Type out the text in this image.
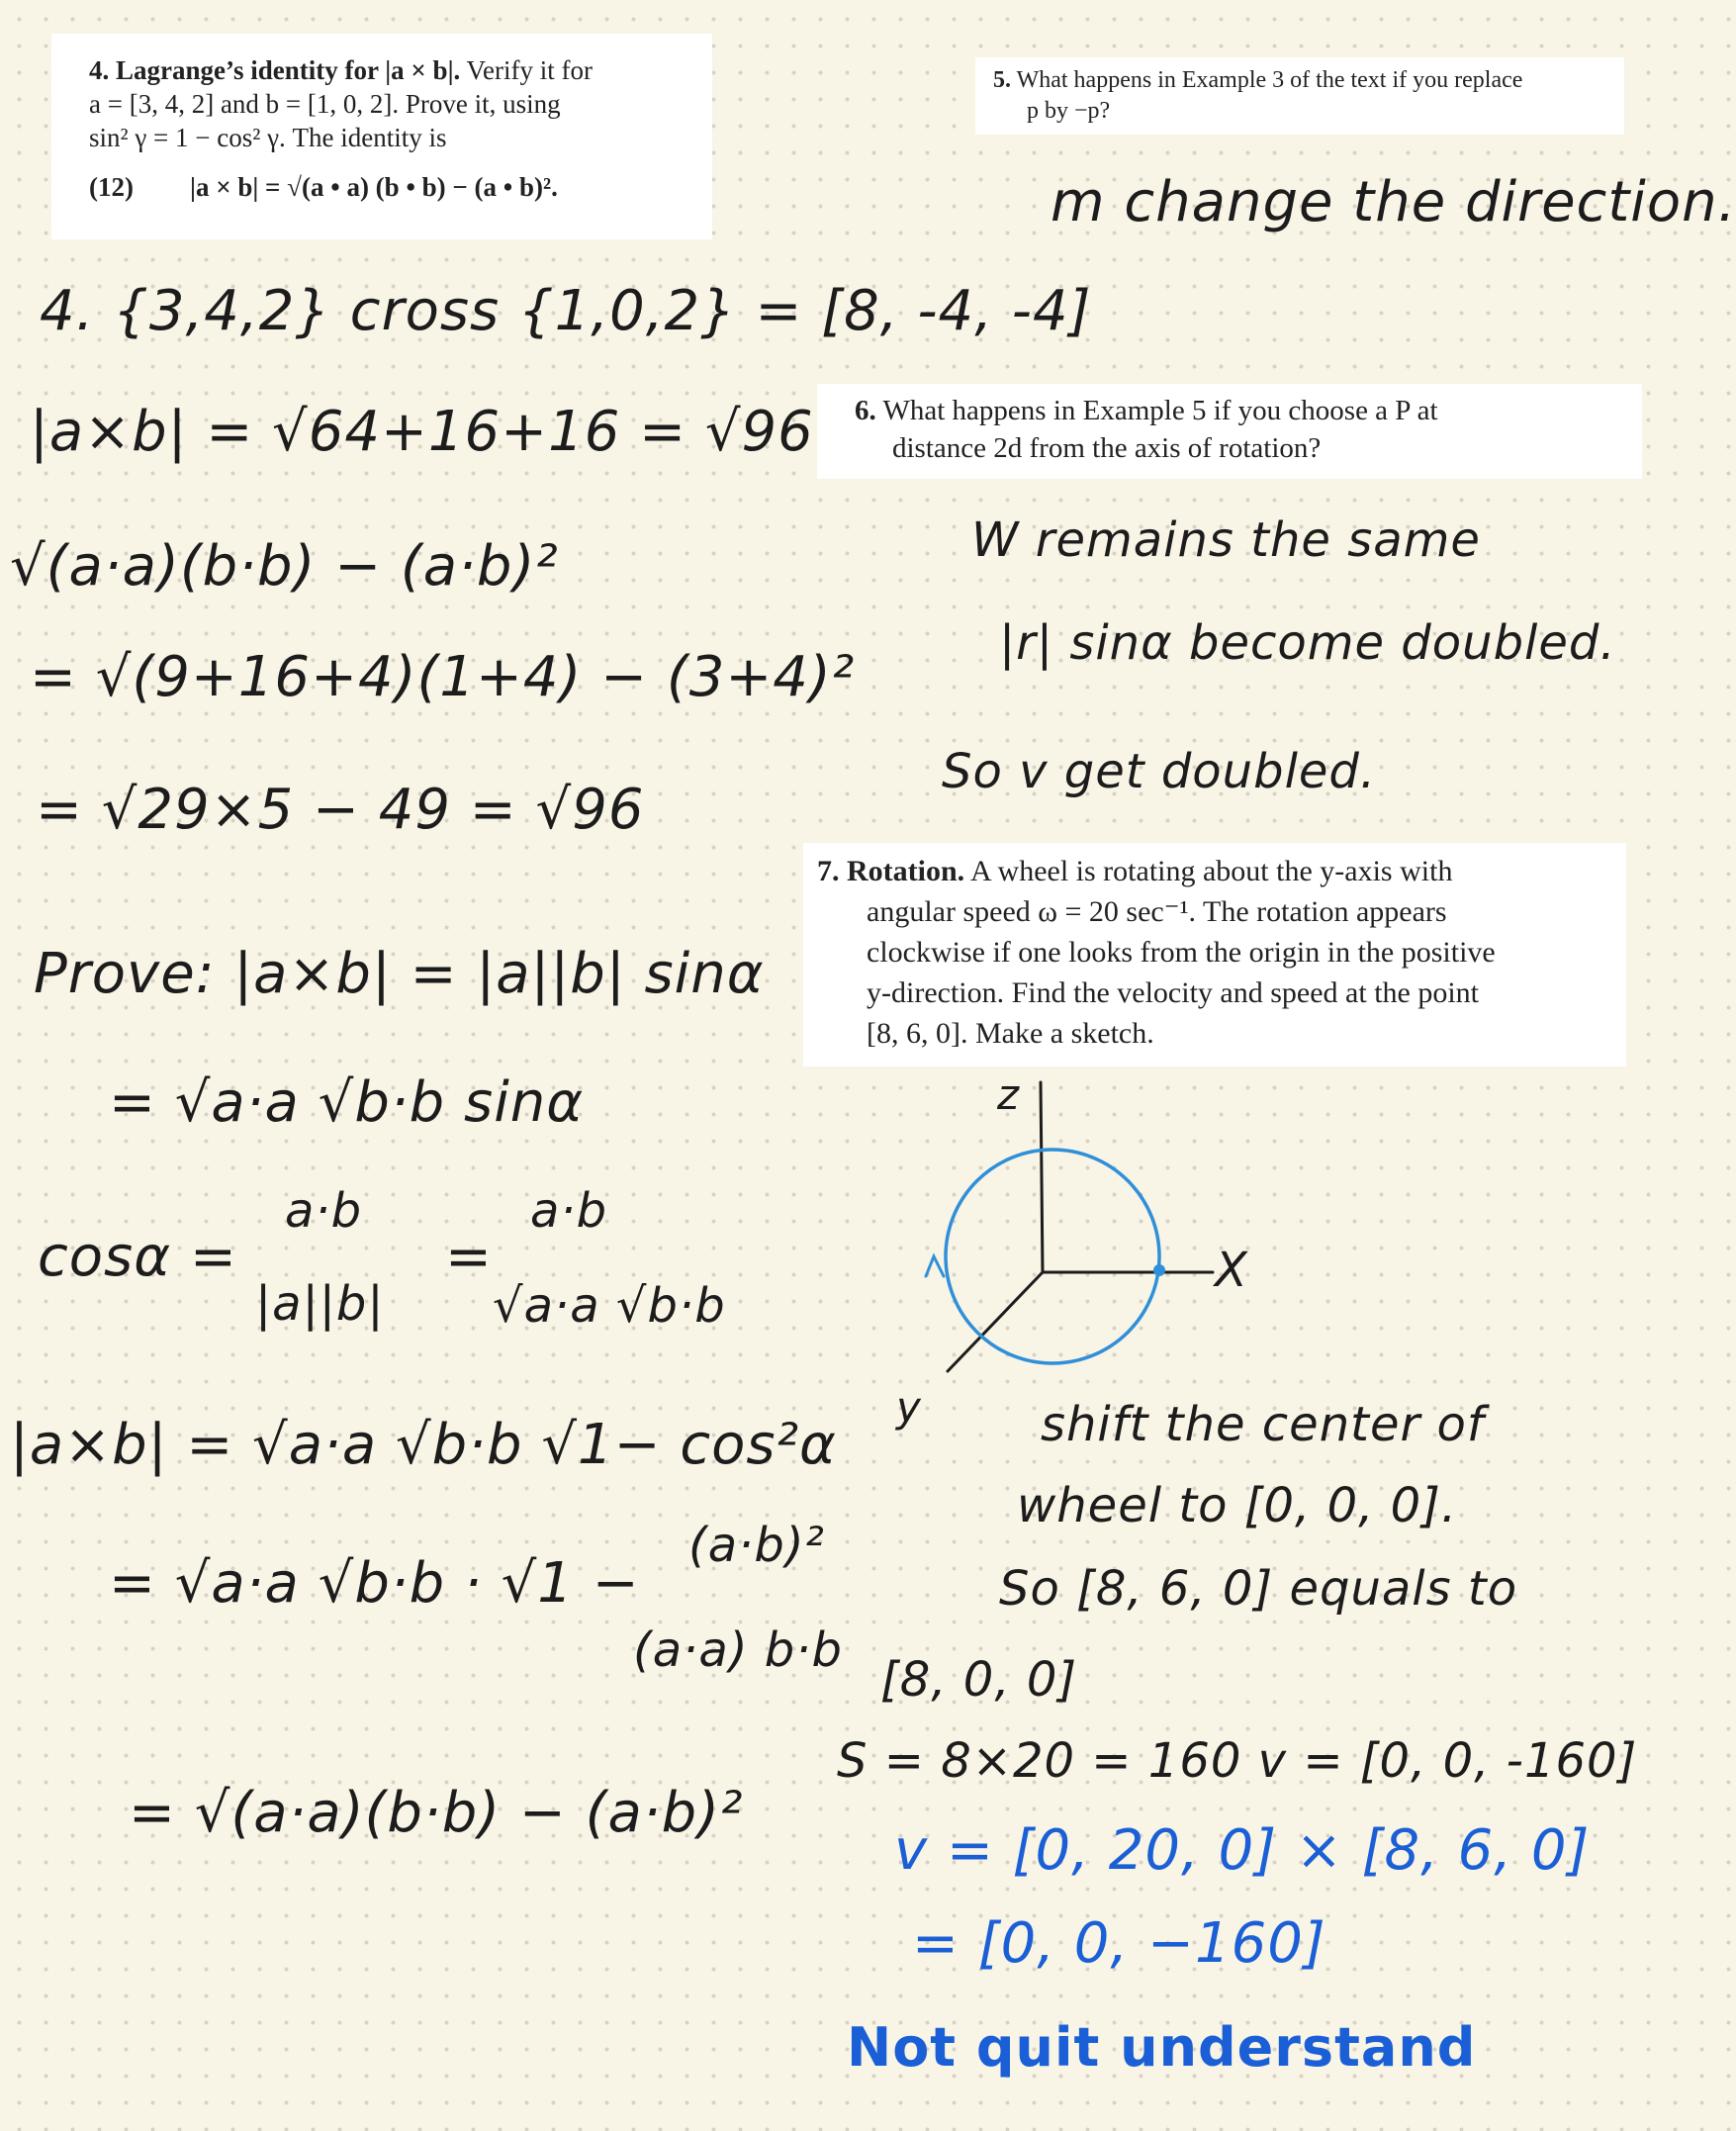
4. Lagrange’s identity for |a × b|. Verify it for
a = [3, 4, 2] and b = [1, 0, 2]. Prove it, using
sin² γ = 1 − cos² γ. The identity is
(12)	|a × b| = √(a • a) (b • b) − (a • b)².
5. What happens in Example 3 of the text if you replace
p by −p?
6. What happens in Example 5 if you choose a P at
distance 2d from the axis of rotation?
7. Rotation. A wheel is rotating about the y-axis with
angular speed ω = 20 sec⁻¹. The rotation appears
clockwise if one looks from the origin in the positive
y-direction. Find the velocity and speed at the point
[8, 6, 0]. Make a sketch.
4. {3,4,2} cross {1,0,2} = [8, -4, -4]
|a×b| = √64+16+16 = √96
√(a·a)(b·b) − (a·b)²
= √(9+16+4)(1+4) − (3+4)²
= √29×5 − 49 = √96
Prove: |a×b| = |a||b| sinα
= √a·a √b·b sinα
cosα =
a·b
|a||b|
=
a·b
√a·a √b·b
|a×b| = √a·a √b·b √1− cos²α
= √a·a √b·b · √1 −
(a·b)²
(a·a) b·b
= √(a·a)(b·b) − (a·b)²
m change the direction.
W remains the same
|r| sinα become doubled.
So v get doubled.
z
X
y	shift the center of
wheel to [0, 0, 0].
So [8, 6, 0] equals to
[8, 0, 0]
S = 8×20 = 160 v = [0, 0, -160]
v = [0, 20, 0] × [8, 6, 0]
= [0, 0, −160]
Not quit understand
